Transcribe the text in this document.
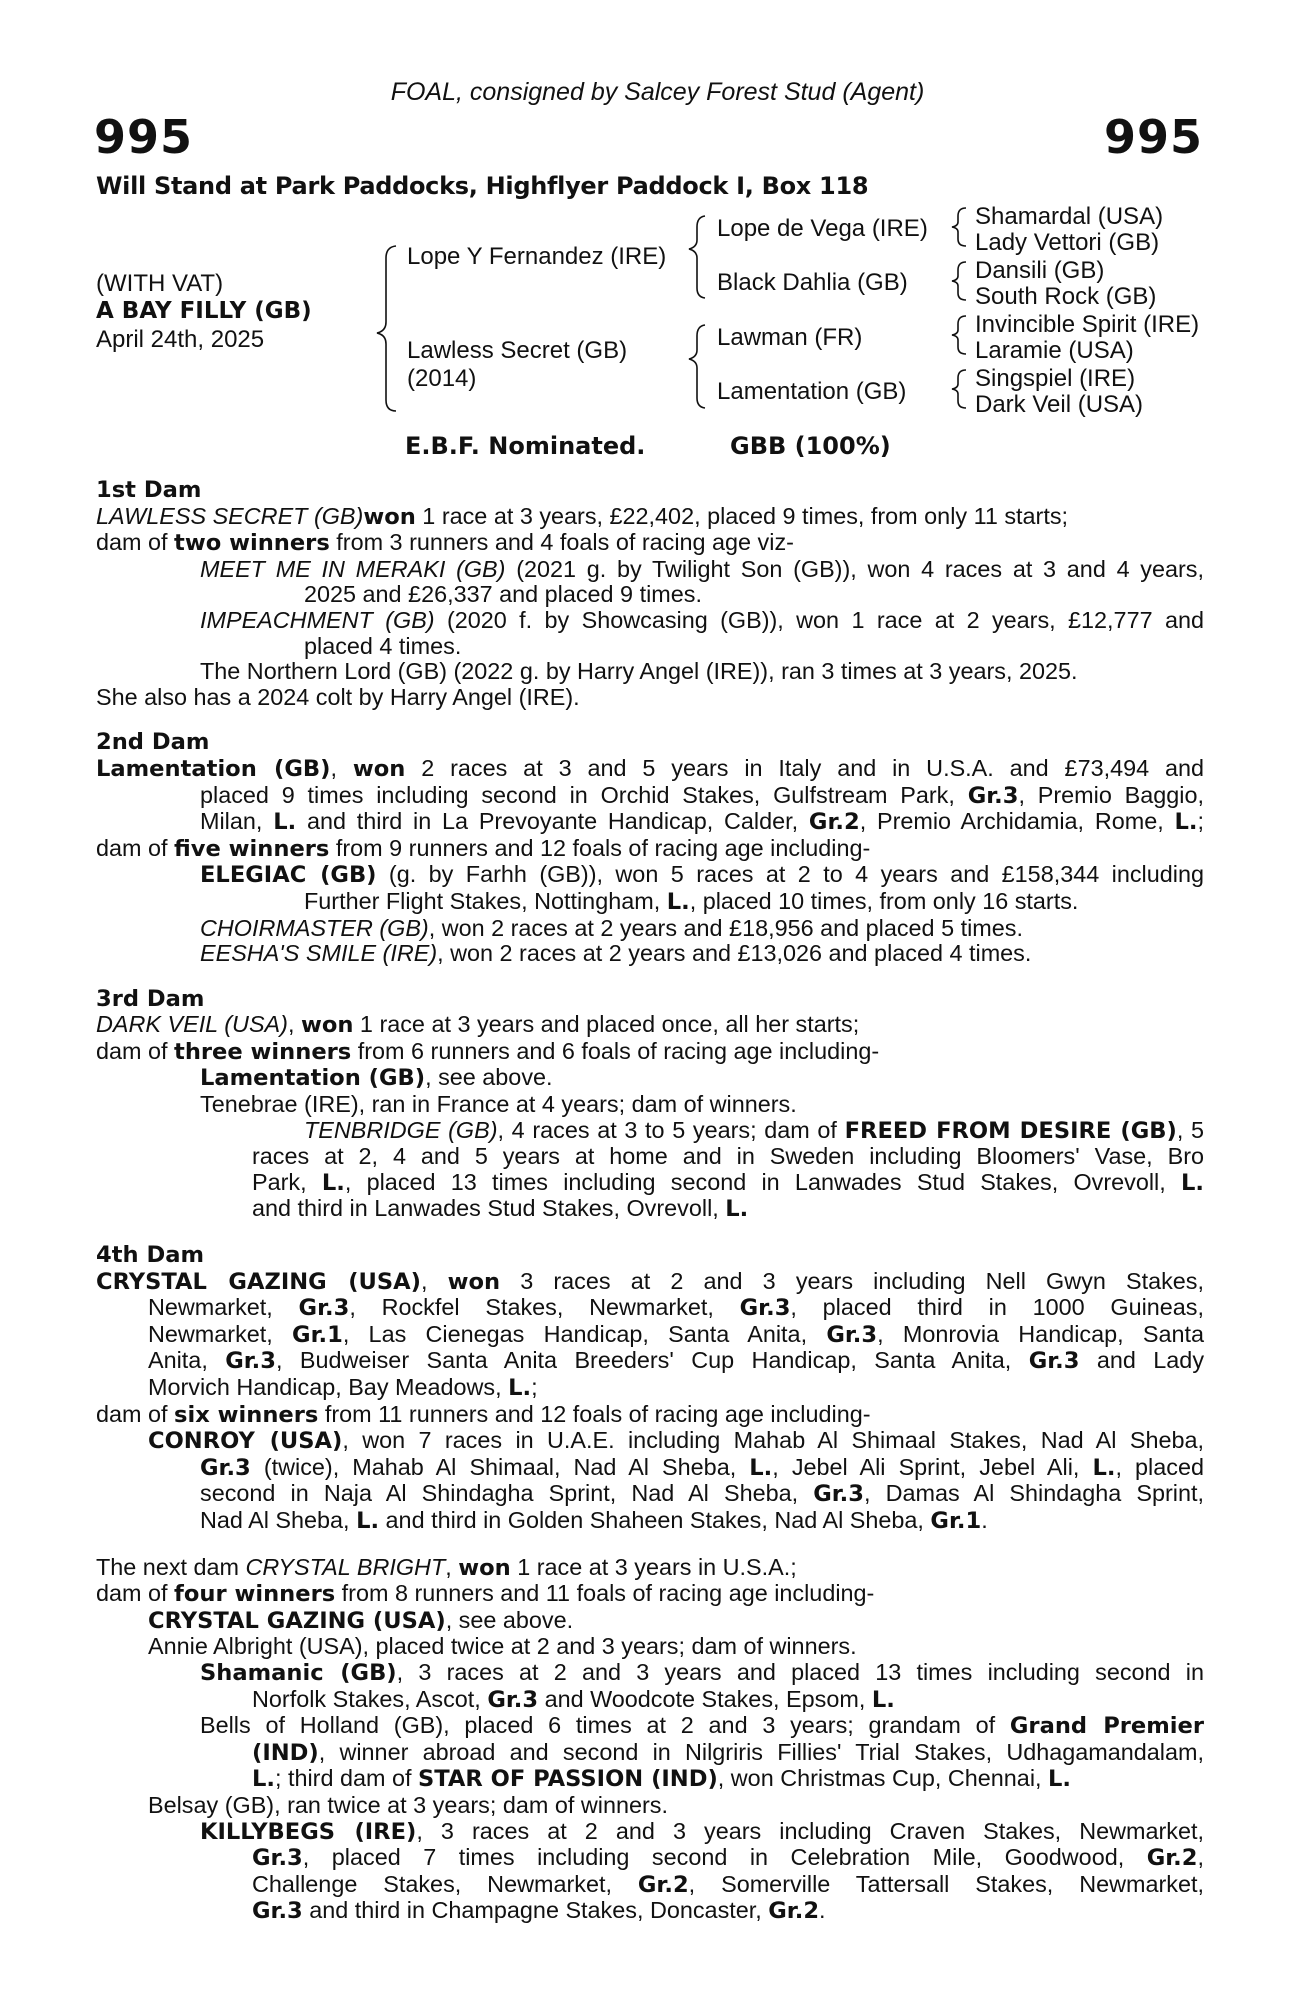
FOAL, consigned by Salcey Forest Stud (Agent)
995	995
Will Stand at Park Paddocks, Highflyer Paddock I, Box 118
(WITH VAT)
A BAY FILLY (GB)
April 24th, 2025
Lope Y Fernandez (IRE)
Lawless Secret (GB)
(2014)
Lope de Vega (IRE)
Black Dahlia (GB)
Lawman (FR)
Lamentation (GB)
Shamardal (USA)
Lady Vettori (GB)
Dansili (GB)
South Rock (GB)
Invincible Spirit (IRE)
Laramie (USA)
Singspiel (IRE)
Dark Veil (USA)
E.B.F. Nominated.	GBB (100%)
1st Dam
LAWLESS SECRET (GB)won 1 race at 3 years, £22,402, placed 9 times, from only 11 starts;
dam of two winners from 3 runners and 4 foals of racing age viz-
MEET ME IN MERAKI (GB) (2021 g. by Twilight Son (GB)), won 4 races at 3 and 4 years,
2025 and £26,337 and placed 9 times.
IMPEACHMENT (GB) (2020 f. by Showcasing (GB)), won 1 race at 2 years, £12,777 and
placed 4 times.
The Northern Lord (GB) (2022 g. by Harry Angel (IRE)), ran 3 times at 3 years, 2025.
She also has a 2024 colt by Harry Angel (IRE).
2nd Dam
Lamentation (GB), won 2 races at 3 and 5 years in Italy and in U.S.A. and £73,494 and
placed 9 times including second in Orchid Stakes, Gulfstream Park, Gr.3, Premio Baggio,
Milan, L. and third in La Prevoyante Handicap, Calder, Gr.2, Premio Archidamia, Rome, L.;
dam of five winners from 9 runners and 12 foals of racing age including-
ELEGIAC (GB) (g. by Farhh (GB)), won 5 races at 2 to 4 years and £158,344 including
Further Flight Stakes, Nottingham, L., placed 10 times, from only 16 starts.
CHOIRMASTER (GB), won 2 races at 2 years and £18,956 and placed 5 times.
EESHA'S SMILE (IRE), won 2 races at 2 years and £13,026 and placed 4 times.
3rd Dam
DARK VEIL (USA), won 1 race at 3 years and placed once, all her starts;
dam of three winners from 6 runners and 6 foals of racing age including-
Lamentation (GB), see above.
Tenebrae (IRE), ran in France at 4 years; dam of winners.
TENBRIDGE (GB), 4 races at 3 to 5 years; dam of FREED FROM DESIRE (GB), 5
races at 2, 4 and 5 years at home and in Sweden including Bloomers' Vase, Bro
Park, L., placed 13 times including second in Lanwades Stud Stakes, Ovrevoll, L.
and third in Lanwades Stud Stakes, Ovrevoll, L.
4th Dam
CRYSTAL GAZING (USA), won 3 races at 2 and 3 years including Nell Gwyn Stakes,
Newmarket, Gr.3, Rockfel Stakes, Newmarket, Gr.3, placed third in 1000 Guineas,
Newmarket, Gr.1, Las Cienegas Handicap, Santa Anita, Gr.3, Monrovia Handicap, Santa
Anita, Gr.3, Budweiser Santa Anita Breeders' Cup Handicap, Santa Anita, Gr.3 and Lady
Morvich Handicap, Bay Meadows, L.;
dam of six winners from 11 runners and 12 foals of racing age including-
CONROY (USA), won 7 races in U.A.E. including Mahab Al Shimaal Stakes, Nad Al Sheba,
Gr.3 (twice), Mahab Al Shimaal, Nad Al Sheba, L., Jebel Ali Sprint, Jebel Ali, L., placed
second in Naja Al Shindagha Sprint, Nad Al Sheba, Gr.3, Damas Al Shindagha Sprint,
Nad Al Sheba, L. and third in Golden Shaheen Stakes, Nad Al Sheba, Gr.1.
The next dam CRYSTAL BRIGHT, won 1 race at 3 years in U.S.A.;
dam of four winners from 8 runners and 11 foals of racing age including-
CRYSTAL GAZING (USA), see above.
Annie Albright (USA), placed twice at 2 and 3 years; dam of winners.
Shamanic (GB), 3 races at 2 and 3 years and placed 13 times including second in
Norfolk Stakes, Ascot, Gr.3 and Woodcote Stakes, Epsom, L.
Bells of Holland (GB), placed 6 times at 2 and 3 years; grandam of Grand Premier
(IND), winner abroad and second in Nilgriris Fillies' Trial Stakes, Udhagamandalam,
L.; third dam of STAR OF PASSION (IND), won Christmas Cup, Chennai, L.
Belsay (GB), ran twice at 3 years; dam of winners.
KILLYBEGS (IRE), 3 races at 2 and 3 years including Craven Stakes, Newmarket,
Gr.3, placed 7 times including second in Celebration Mile, Goodwood, Gr.2,
Challenge Stakes, Newmarket, Gr.2, Somerville Tattersall Stakes, Newmarket,
Gr.3 and third in Champagne Stakes, Doncaster, Gr.2.
